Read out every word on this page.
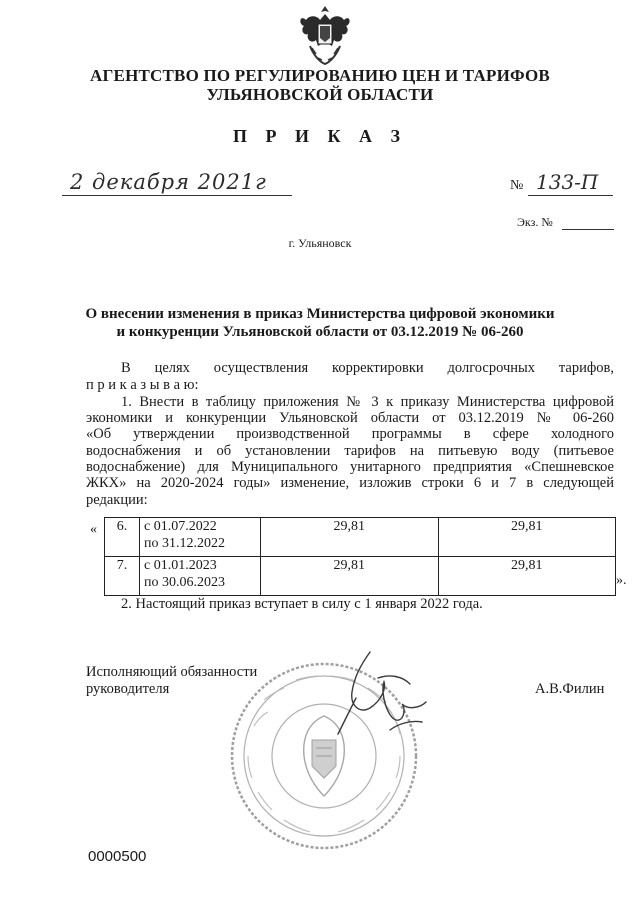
АГЕНТСТВО ПО РЕГУЛИРОВАНИЮ ЦЕН И ТАРИФОВ
УЛЬЯНОВСКОЙ ОБЛАСТИ
П Р И К А З
2 декабря 2021г	№ 133-П
Экз. №
г. Ульяновск
О внесении изменения в приказ Министерства цифровой экономики
и конкуренции Ульяновской области от 03.12.2019 № 06-260
В целях осуществления корректировки долгосрочных тарифов,
п р и к а з ы в а ю:
1. Внести в таблицу приложения № 3 к приказу Министерства цифровой
экономики и конкуренции Ульяновской области от 03.12.2019 № 06-260
«Об утверждении производственной программы в сфере холодного
водоснабжения и об установлении тарифов на питьевую воду (питьевое
водоснабжение) для Муниципального унитарного предприятия «Спешневское
ЖКХ» на 2020-2024 годы» изменение, изложив строки 6 и 7 в следующей
редакции:
« 6.	с 01.07.2022
по 31.12.2022	29,81	29,81
7.	с 01.01.2023
по 30.06.2023	29,81	29,81
».
2. Настоящий приказ вступает в силу с 1 января 2022 года.
Исполняющий обязанности
руководителя	А.В.Филин
0000500
